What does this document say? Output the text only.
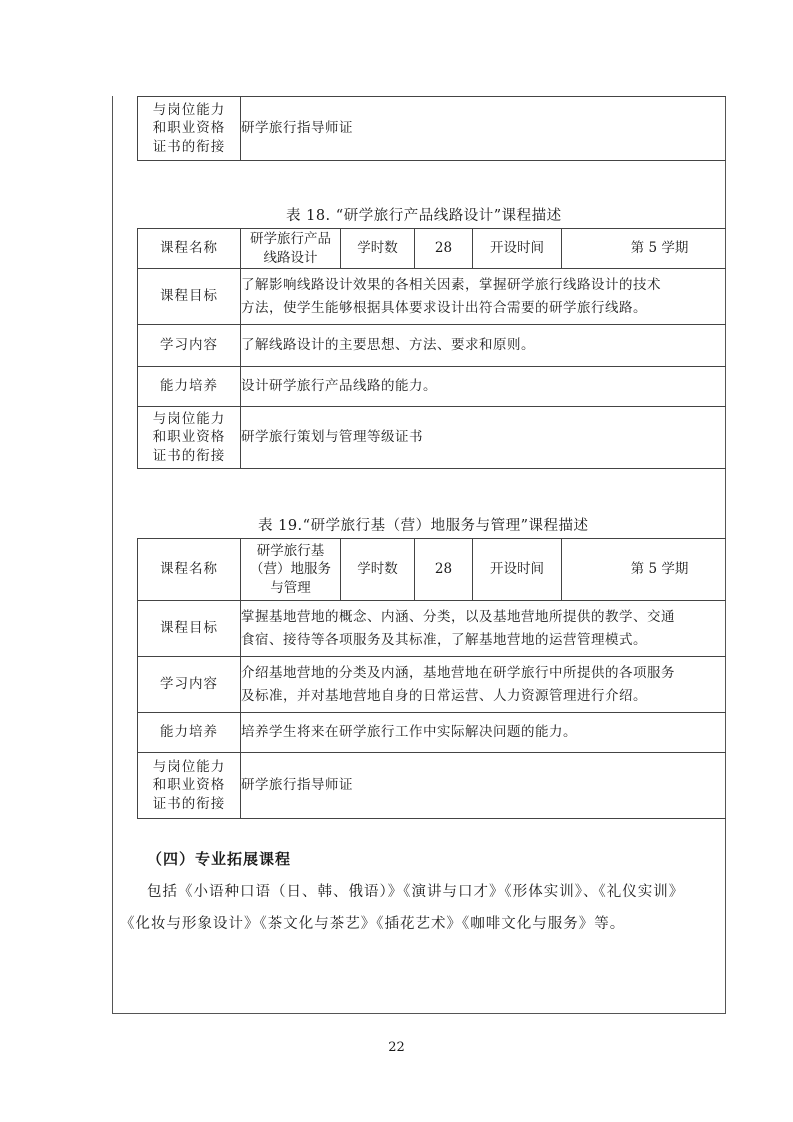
与岗位能力
和职业资格
证书的衔接
	研学旅行指导师证
表 18. “研学旅行产品线路设计”课程描述
课程名称	研学旅行产品
线路设计	学时数	28	开设时间	第 5 学期
课程目标	了解影响线路设计效果的各相关因素，掌握研学旅行线路设计的技术
方法，使学生能够根据具体要求设计出符合需要的研学旅行线路。				

学习内容	了解线路设计的主要思想、方法、要求和原则。				
能力培养	设计研学旅行产品线路的能力。				

与岗位能力
和职业资格
证书的衔接	研学旅行策划与管理等级证书				
表 19.“研学旅行基（营）地服务与管理”课程描述
课程名称	研学旅行基
（营）地服务
与管理	学时数	28	开设时间	第 5 学期
课程目标	掌握基地营地的概念、内涵、分类，以及基地营地所提供的教学、交通
食宿、接待等各项服务及其标准，了解基地营地的运营管理模式。				

学习内容	介绍基地营地的分类及内涵，基地营地在研学旅行中所提供的各项服务
及标准，并对基地营地自身的日常运营、人力资源管理进行介绍。				

能力培养	培养学生将来在研学旅行工作中实际解决问题的能力。				

与岗位能力
和职业资格
证书的衔接	研学旅行指导师证				
（四）专业拓展课程
包括《小语种口语（日、韩、俄语）》《演讲与口才》《形体实训》、《礼仪实训》
《化妆与形象设计》《茶文化与茶艺》《插花艺术》《咖啡文化与服务》等。
22
